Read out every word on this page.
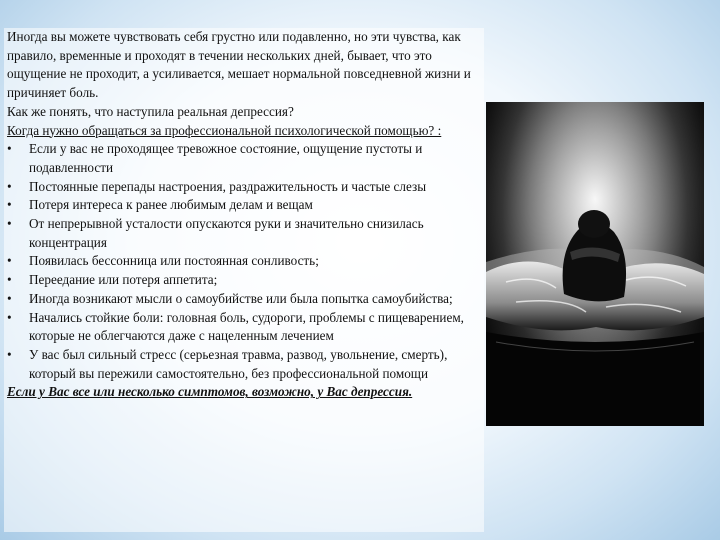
Иногда вы можете чувствовать себя грустно или подавленно, но эти чувства, как правило, временные и проходят в течении нескольких дней, бывает, что это ощущение не проходит, а усиливается, мешает нормальной повседневной жизни и причиняет боль.

Как же понять, что наступила реальная депрессия?

Когда нужно обращаться за профессиональной психологической помощью? :

•	Если у вас не проходящее тревожное состояние, ощущение пустоты и подавленности
•	Постоянные перепады настроения, раздражительность и частые слезы
•	Потеря интереса к ранее любимым делам и вещам
•	От непрерывной усталости опускаются руки и значительно снизилась концентрация
•	Появилась бессонница или постоянная сонливость;
•	Переедание или потеря аппетита;
•	Иногда возникают мысли о самоубийстве или была попытка самоубийства;
•	Начались стойкие боли: головная боль, судороги, проблемы с пищеварением, которые не облегчаются даже с нацеленным лечением
•	У вас был сильный стресс (серьезная травма, развод, увольнение, смерть), который вы пережили самостоятельно, без профессиональной помощи

Если у Вас все или несколько симптомов, возможно, у Вас депрессия.
